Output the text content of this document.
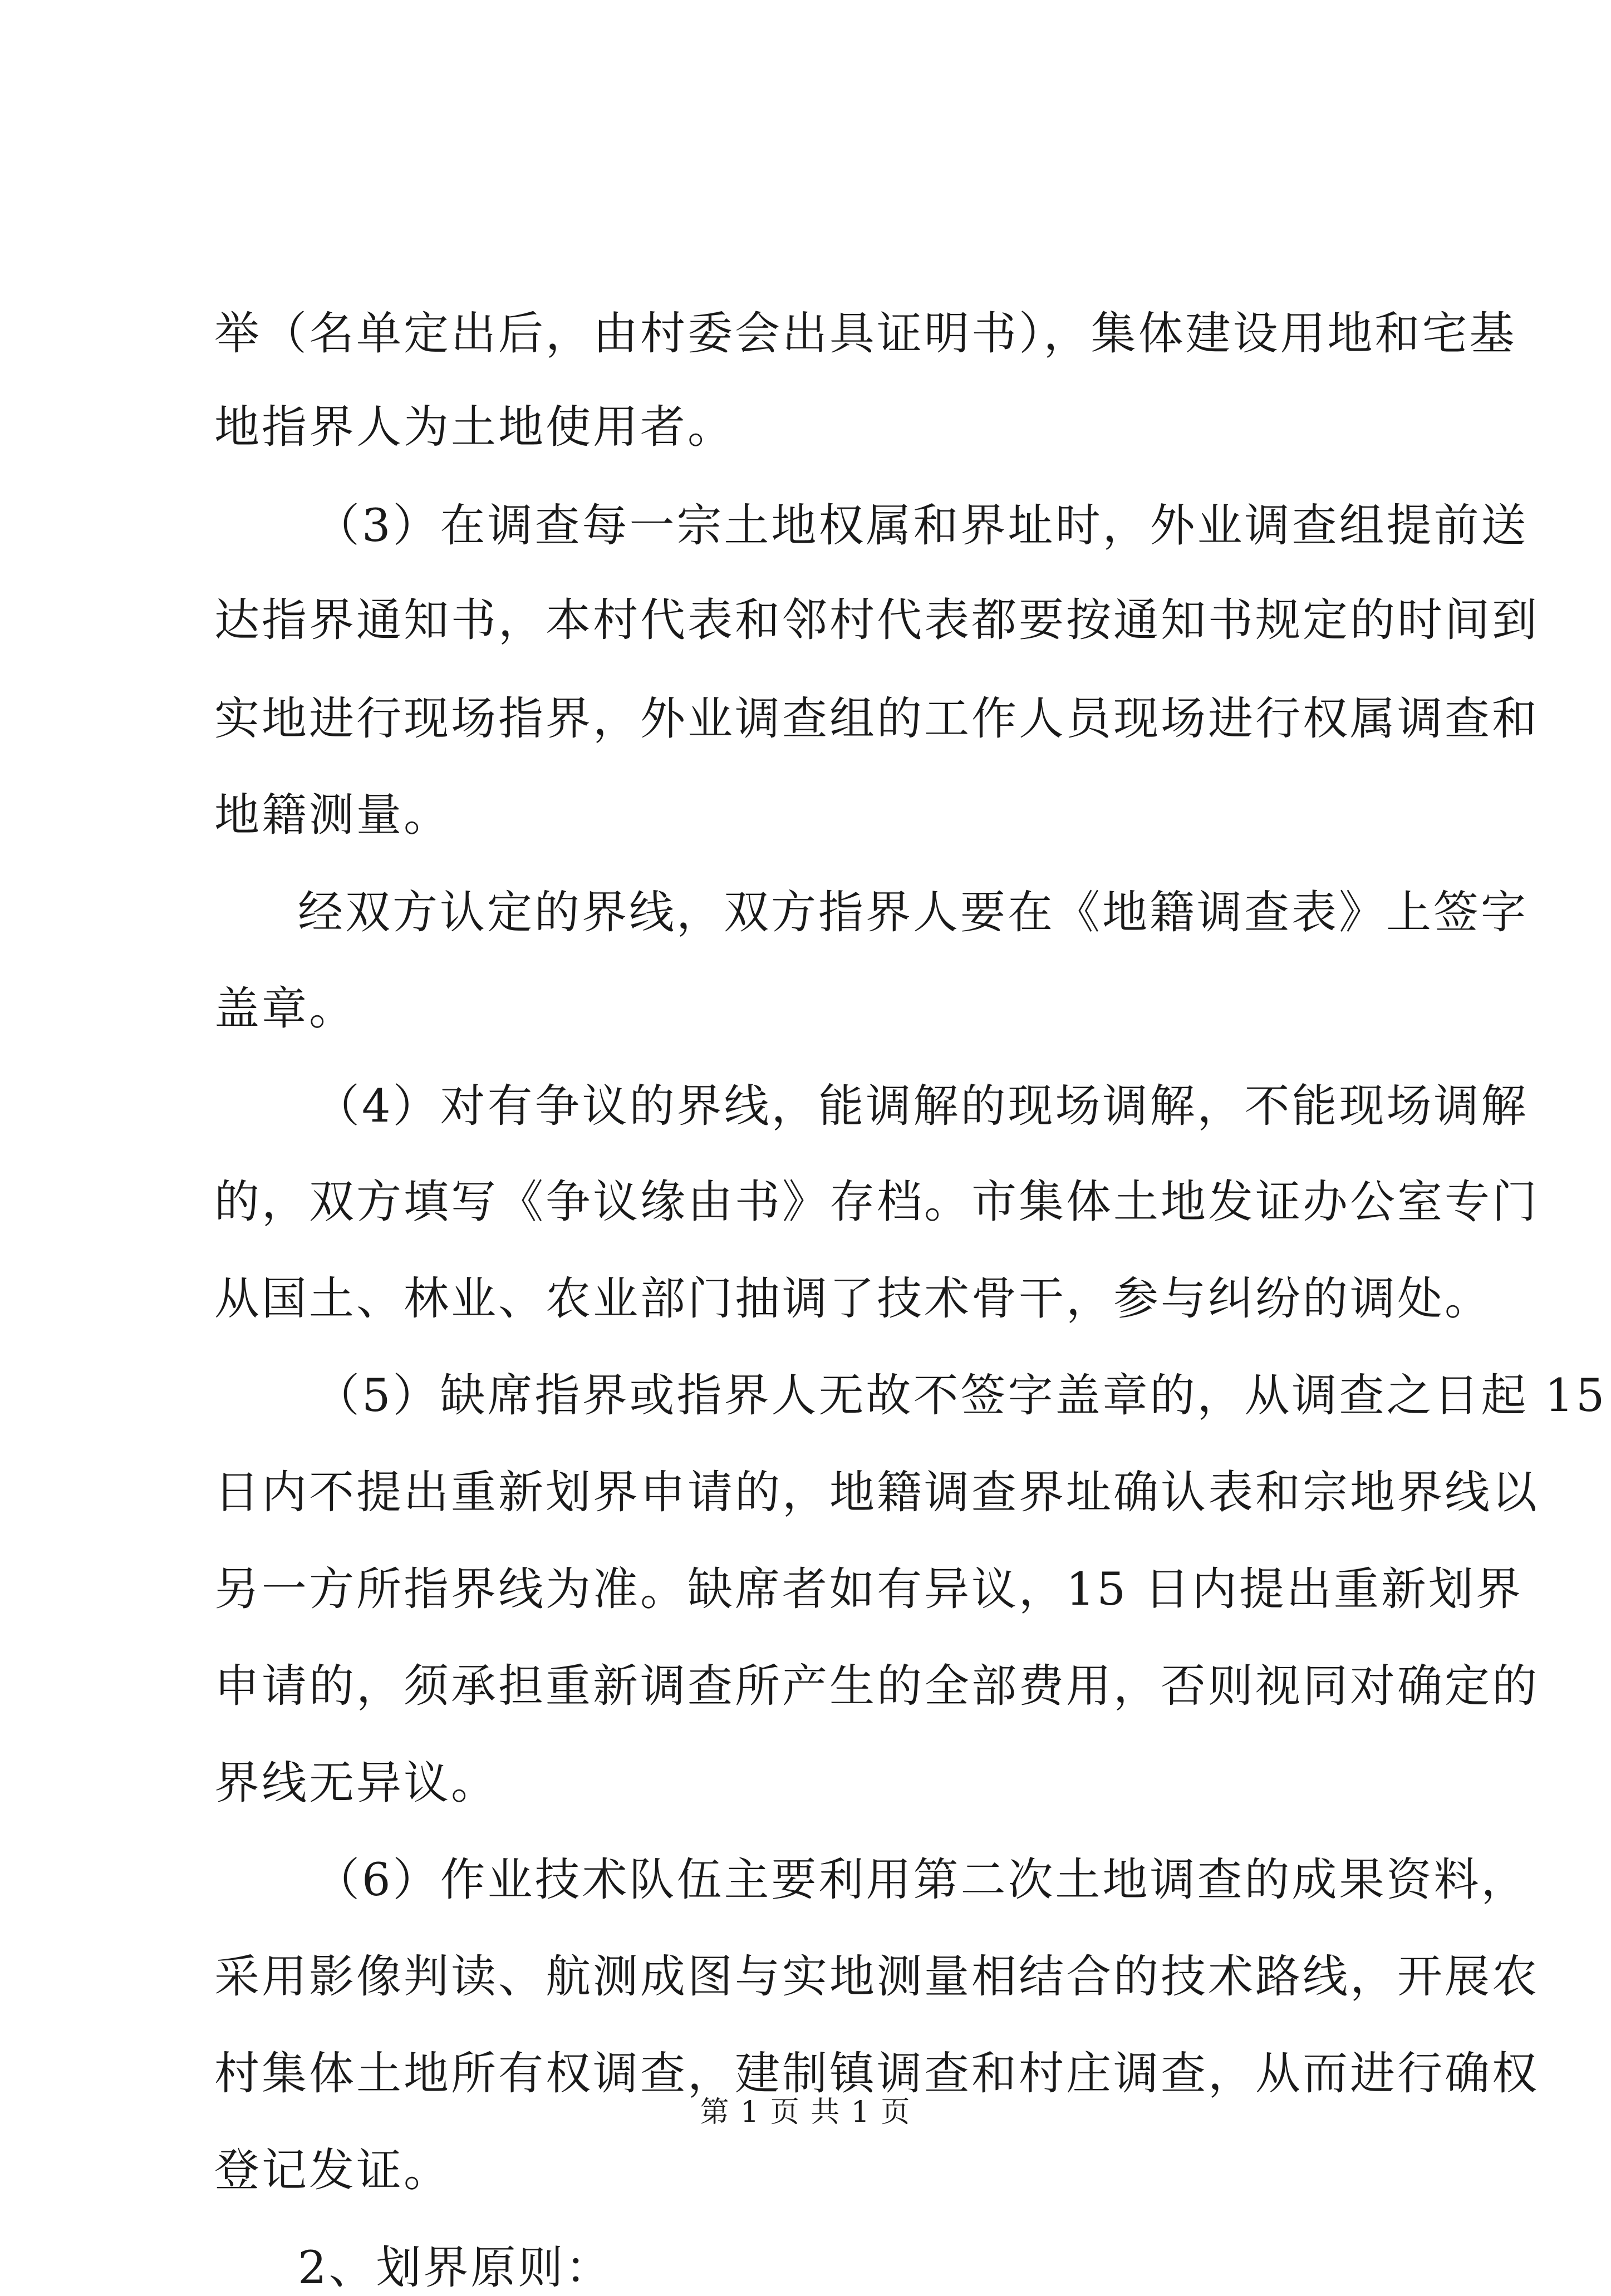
举（名单定出后，由村委会出具证明书），集体建设用地和宅基
地指界人为土地使用者。
（3）在调查每一宗土地权属和界址时，外业调查组提前送
达指界通知书，本村代表和邻村代表都要按通知书规定的时间到
实地进行现场指界，外业调查组的工作人员现场进行权属调查和
地籍测量。
经双方认定的界线，双方指界人要在《地籍调查表》上签字
盖章。
（4）对有争议的界线，能调解的现场调解，不能现场调解
的，双方填写《争议缘由书》存档。市集体土地发证办公室专门
从国土、林业、农业部门抽调了技术骨干，参与纠纷的调处。
（5）缺席指界或指界人无故不签字盖章的，从调查之日起 15
日内不提出重新划界申请的，地籍调查界址确认表和宗地界线以
另一方所指界线为准。缺席者如有异议，15 日内提出重新划界
申请的，须承担重新调查所产生的全部费用，否则视同对确定的
界线无异议。
（6）作业技术队伍主要利用第二次土地调查的成果资料，
采用影像判读、航测成图与实地测量相结合的技术路线，开展农
村集体土地所有权调查，建制镇调查和村庄调查，从而进行确权
登记发证。
2、划界原则：
第 1 页 共 1 页
